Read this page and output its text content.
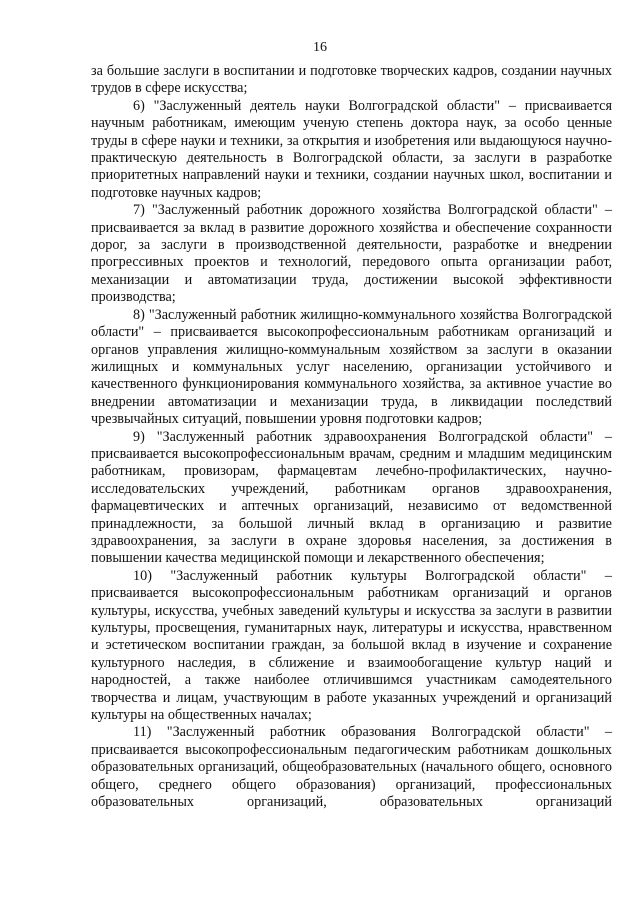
16

за большие заслуги в воспитании и подготовке творческих кадров, создании научных трудов в сфере искусства;

6) "Заслуженный деятель науки Волгоградской области" – присваивается научным работникам, имеющим ученую степень доктора наук, за особо ценные труды в сфере науки и техники, за открытия и изобретения или выдающуюся научно-практическую деятельность в Волгоградской области, за заслуги в разработке приоритетных направлений науки и техники, создании научных школ, воспитании и подготовке научных кадров;

7) "Заслуженный работник дорожного хозяйства Волгоградской области" – присваивается за вклад в развитие дорожного хозяйства и обеспечение сохранности дорог, за заслуги в производственной деятельности, разработке и внедрении прогрессивных проектов и технологий, передового опыта организации работ, механизации и автоматизации труда, достижении высокой эффективности производства;

8) "Заслуженный работник жилищно-коммунального хозяйства Волгоградской области" – присваивается высокопрофессиональным работникам организаций и органов управления жилищно-коммунальным хозяйством за заслуги в оказании жилищных и коммунальных услуг населению, организации устойчивого и качественного функционирования коммунального хозяйства, за активное участие во внедрении автоматизации и механизации труда, в ликвидации последствий чрезвычайных ситуаций, повышении уровня подготовки кадров;

9) "Заслуженный работник здравоохранения Волгоградской области" – присваивается высокопрофессиональным врачам, средним и младшим медицинским работникам, провизорам, фармацевтам лечебно-профилактических, научно-исследовательских учреждений, работникам органов здравоохранения, фармацевтических и аптечных организаций, независимо от ведомственной принадлежности, за большой личный вклад в организацию и развитие здравоохранения, за заслуги в охране здоровья населения, за достижения в повышении качества медицинской помощи и лекарственного обеспечения;

10) "Заслуженный работник культуры Волгоградской области" – присваивается высокопрофессиональным работникам организаций и органов культуры, искусства, учебных заведений культуры и искусства за заслуги в развитии культуры, просвещения, гуманитарных наук, литературы и искусства, нравственном и эстетическом воспитании граждан, за большой вклад в изучение и сохранение культурного наследия, в сближение и взаимообогащение культур наций и народностей, а также наиболее отличившимся участникам самодеятельного творчества и лицам, участвующим в работе указанных учреждений и организаций культуры на общественных началах;

11) "Заслуженный работник образования Волгоградской области" – присваивается высокопрофессиональным педагогическим работникам дошкольных образовательных организаций, общеобразовательных (начального общего, основного общего, среднего общего образования) организаций, профессиональных образовательных организаций, образовательных организаций
